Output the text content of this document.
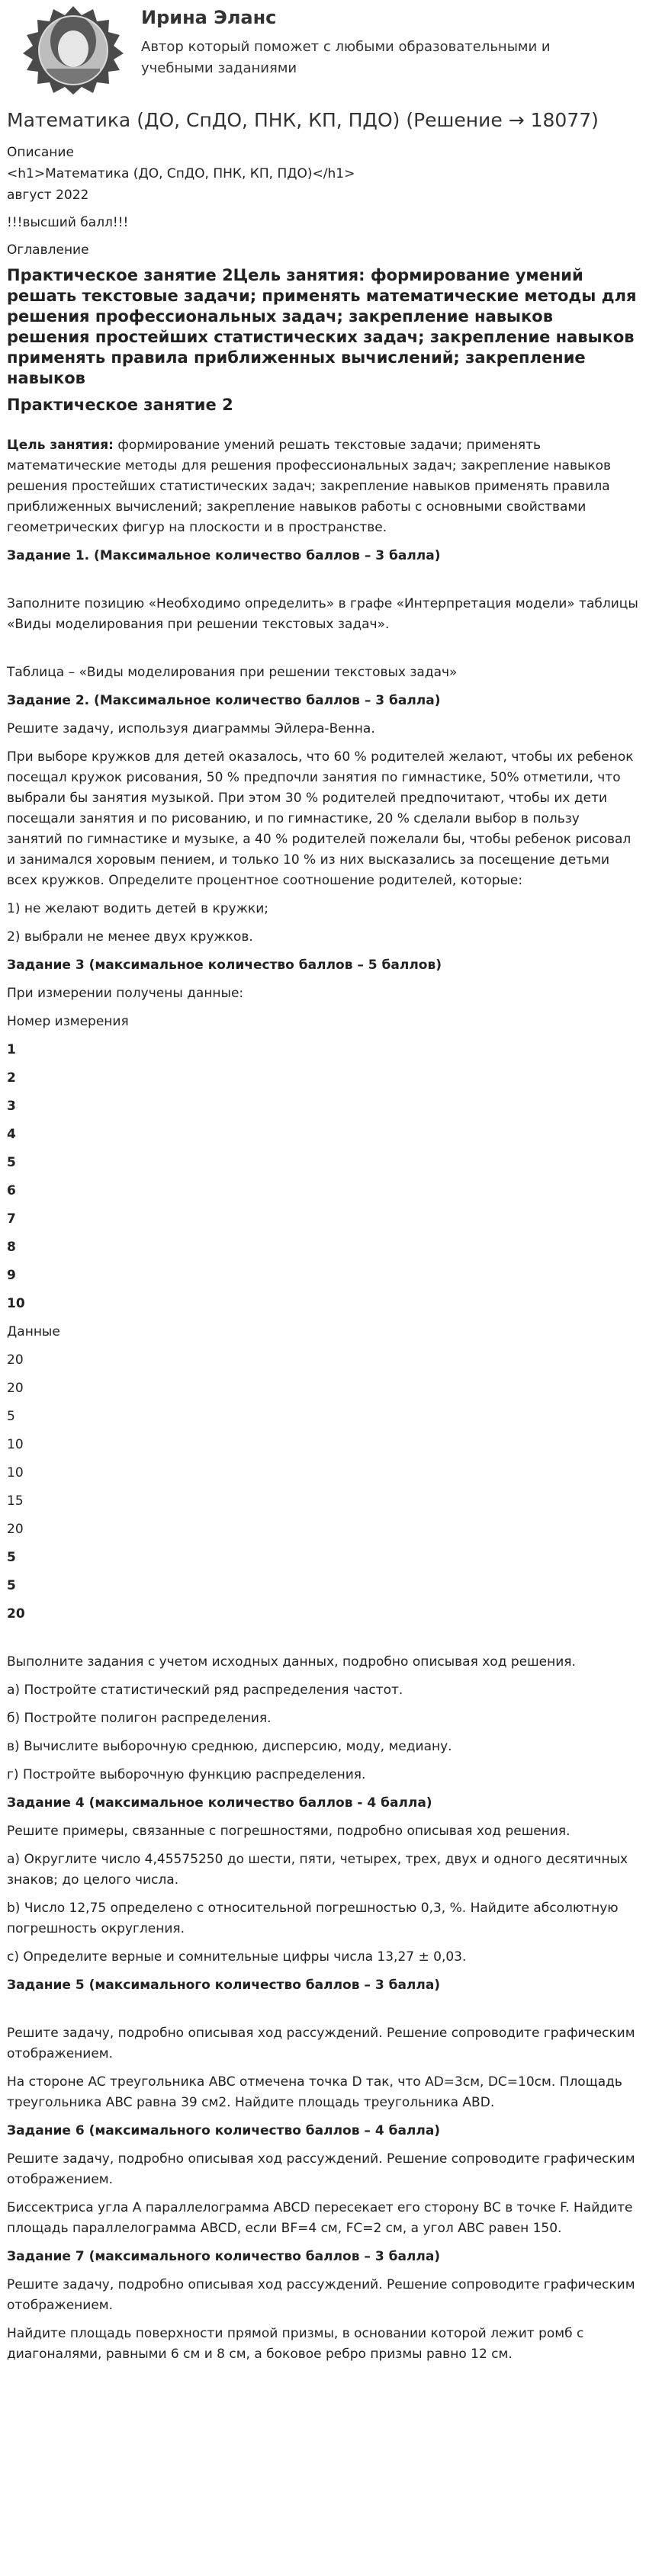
Ирина Эланс
Автор который поможет с любыми образовательными и учебными заданиями
Математика (ДО, СпДО, ПНК, КП, ПДО) (Решение → 18077)
Описание
<h1>Математика (ДО, СпДО, ПНК, КП, ПДО)</h1>
август 2022
!!!высший балл!!!
Оглавление
Практическое занятие 2Цель занятия: формирование умений решать текстовые задачи; применять математические методы для решения профессиональных задач; закрепление навыков решения простейших статистических задач; закрепление навыков применять правила приближенных вычислений; закрепление навыков
Практическое занятие 2

Цель занятия: формирование умений решать текстовые задачи; применять математические методы для решения профессиональных задач; закрепление навыков решения простейших статистических задач; закрепление навыков применять правила приближенных вычислений; закрепление навыков работы с основными свойствами геометрических фигур на плоскости и в пространстве.

Задание 1. (Максимальное количество баллов – 3 балла)

Заполните позицию «Необходимо определить» в графе «Интерпретация модели» таблицы «Виды моделирования при решении текстовых задач».

Таблица – «Виды моделирования при решении текстовых задач»

Задание 2. (Максимальное количество баллов – 3 балла)

Решите задачу, используя диаграммы Эйлера-Венна.

При выборе кружков для детей оказалось, что 60 % родителей желают, чтобы их ребенок посещал кружок рисования, 50 % предпочли занятия по гимнастике, 50% отметили, что выбрали бы занятия музыкой. При этом 30 % родителей предпочитают, чтобы их дети посещали занятия и по рисованию, и по гимнастике, 20 % сделали выбор в пользу занятий по гимнастике и музыке, а 40 % родителей пожелали бы, чтобы ребенок рисовал и занимался хоровым пением, и только 10 % из них высказались за посещение детьми всех кружков. Определите процентное соотношение родителей, которые:

1) не желают водить детей в кружки;

2) выбрали не менее двух кружков.

Задание 3 (максимальное количество баллов – 5 баллов)

При измерении получены данные:

Номер измерения

1

2

3

4

5

6

7

8

9

10

Данные

20

20

5

10

10

15

20

5

5

20

Выполните задания с учетом исходных данных, подробно описывая ход решения.

а) Постройте статистический ряд распределения частот.

б) Постройте полигон распределения.

в) Вычислите выборочную среднюю, дисперсию, моду, медиану.

г) Постройте выборочную функцию распределения.

Задание 4 (максимальное количество баллов - 4 балла)

Решите примеры, связанные с погрешностями, подробно описывая ход решения.

а) Округлите число 4,45575250 до шести, пяти, четырех, трех, двух и одного десятичных знаков; до целого числа.

b) Число 12,75 определено с относительной погрешностью 0,3, %. Найдите абсолютную погрешность округления.

c) Определите верные и сомнительные цифры числа 13,27 ± 0,03.

Задание 5 (максимального количество баллов – 3 балла)

Решите задачу, подробно описывая ход рассуждений. Решение сопроводите графическим отображением.

На стороне AC треугольника ABC отмечена точка D так, что AD=3см, DC=10см. Площадь треугольника ABC равна 39 см2. Найдите площадь треугольника ABD.

Задание 6 (максимального количество баллов – 4 балла)

Решите задачу, подробно описывая ход рассуждений. Решение сопроводите графическим отображением.

Биссектриса угла A параллелограмма ABCD пересекает его сторону BC в точке F. Найдите площадь параллелограмма ABCD, если BF=4 см, FC=2 см, а угол ABC равен 150.

Задание 7 (максимального количество баллов – 3 балла)

Решите задачу, подробно описывая ход рассуждений. Решение сопроводите графическим отображением.

Найдите площадь поверхности прямой призмы, в основании которой лежит ромб с диагоналями, равными 6 см и 8 см, а боковое ребро призмы равно 12 см.
